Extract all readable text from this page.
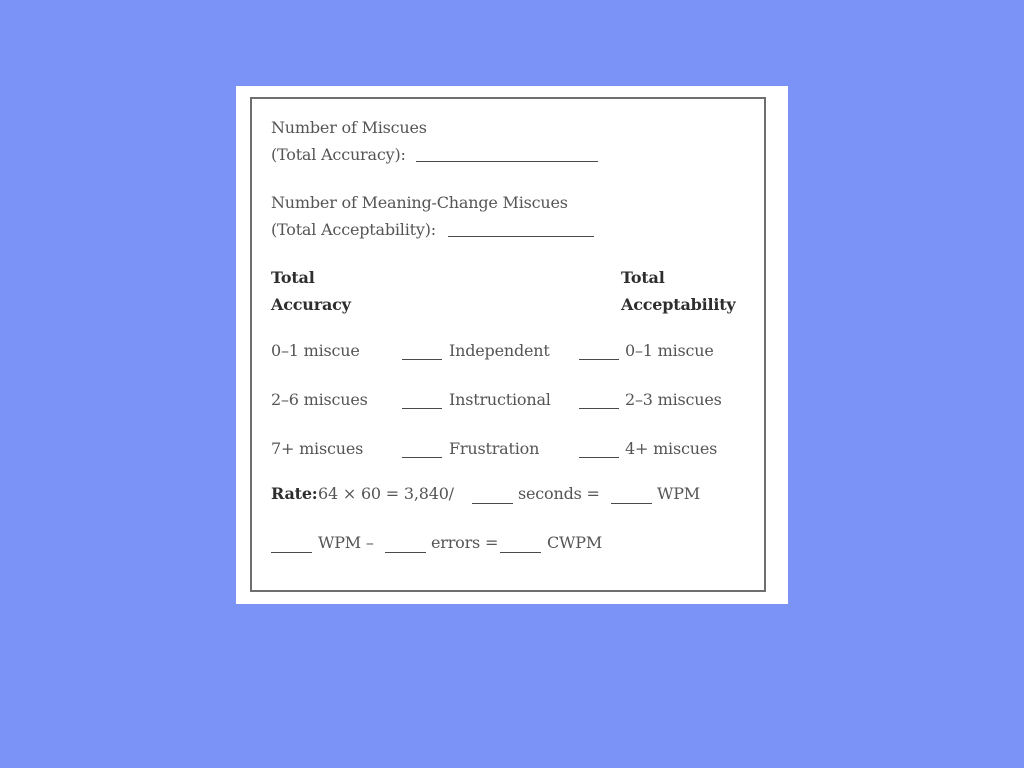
Number of Miscues
(Total Accuracy):
Number of Meaning-Change Miscues
(Total Acceptability):
Total
Accuracy
Total
Acceptability
0–1 miscue	Independent	0–1 miscue
2–6 miscues	Instructional	2–3 miscues
7+ miscues	Frustration	4+ miscues
Rate: 64 × 60 = 3,840/	seconds =	WPM
WPM –	errors =	CWPM
